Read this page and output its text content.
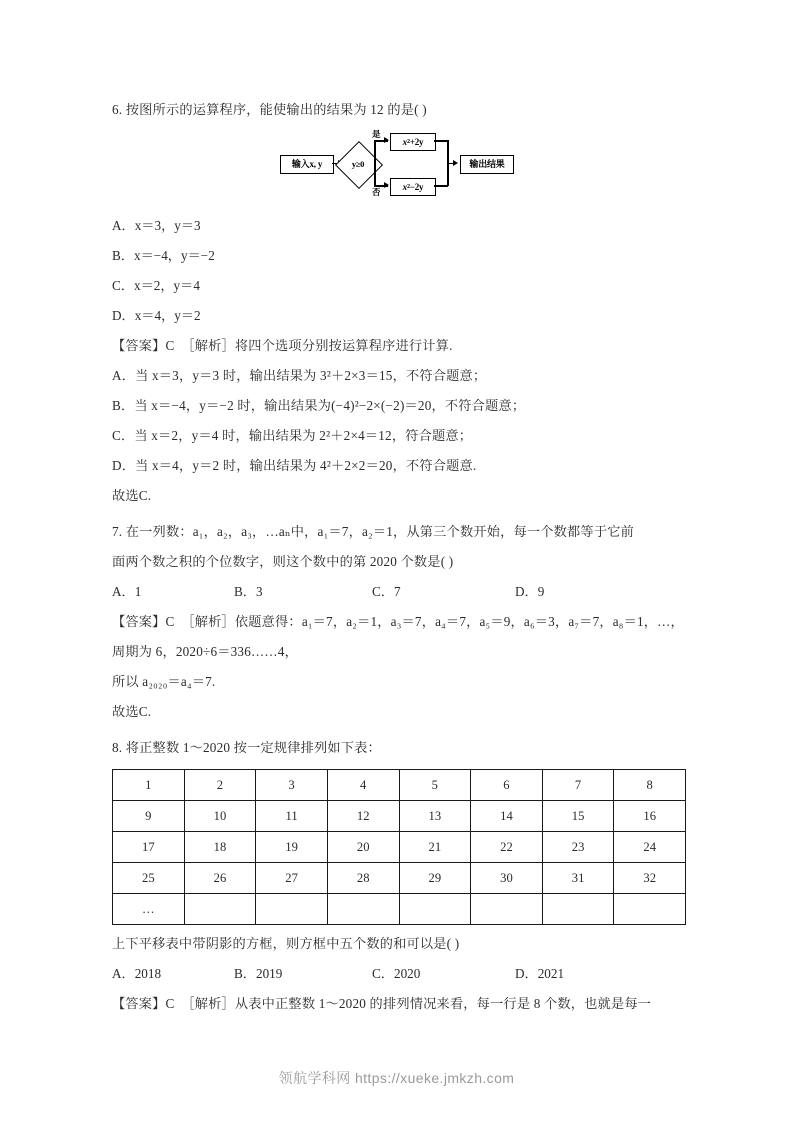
6. 按图所示的运算程序，能使输出的结果为 12 的是( )
输入x, y	y≥0
是
x 2 +2y
否
x 2 −2y
输出结果
A．x＝3，y＝3
B．x＝−4，y＝−2
C．x＝2，y＝4
D．x＝4，y＝2
【答案】C　［解析］将四个选项分别按运算程序进行计算.
A．当 x＝3，y＝3 时，输出结果为 3²＋2×3＝15，不符合题意；
B．当 x＝−4，y＝−2 时，输出结果为(−4)²−2×(−2)＝20，不符合题意；
C．当 x＝2，y＝4 时，输出结果为 2²＋2×4＝12，符合题意；
D．当 x＝4，y＝2 时，输出结果为 4²＋2×2＝20，不符合题意.
故选C.
7. 在一列数：a₁，a₂，a₃，…aₙ中，a₁＝7，a₂＝1，从第三个数开始，每一个数都等于它前
面两个数之积的个位数字，则这个数中的第 2020 个数是( )
A．1	B．3	C．7	D．9
【答案】C　［解析］依题意得：a₁＝7，a₂＝1，a₃＝7，a₄＝7，a₅＝9，a₆＝3，a₇＝7，a₈＝1，…，
周期为 6，2020÷6＝336……4，
所以 a₂₀₂₀＝a₄＝7.
故选C.
8. 将正整数 1～2020 按一定规律排列如下表：
1	2	3	4	5	6	7	8
9	10	11	12	13	14	15	16
17	18	19	20	21	22	23	24
25	26	27	28	29	30	31	32
…							
上下平移表中带阴影的方框，则方框中五个数的和可以是( )
A．2018	B．2019	C．2020	D．2021
【答案】C　［解析］从表中正整数 1～2020 的排列情况来看，每一行是 8 个数，也就是每一
领航学科网 https://xueke.jmkzh.com
